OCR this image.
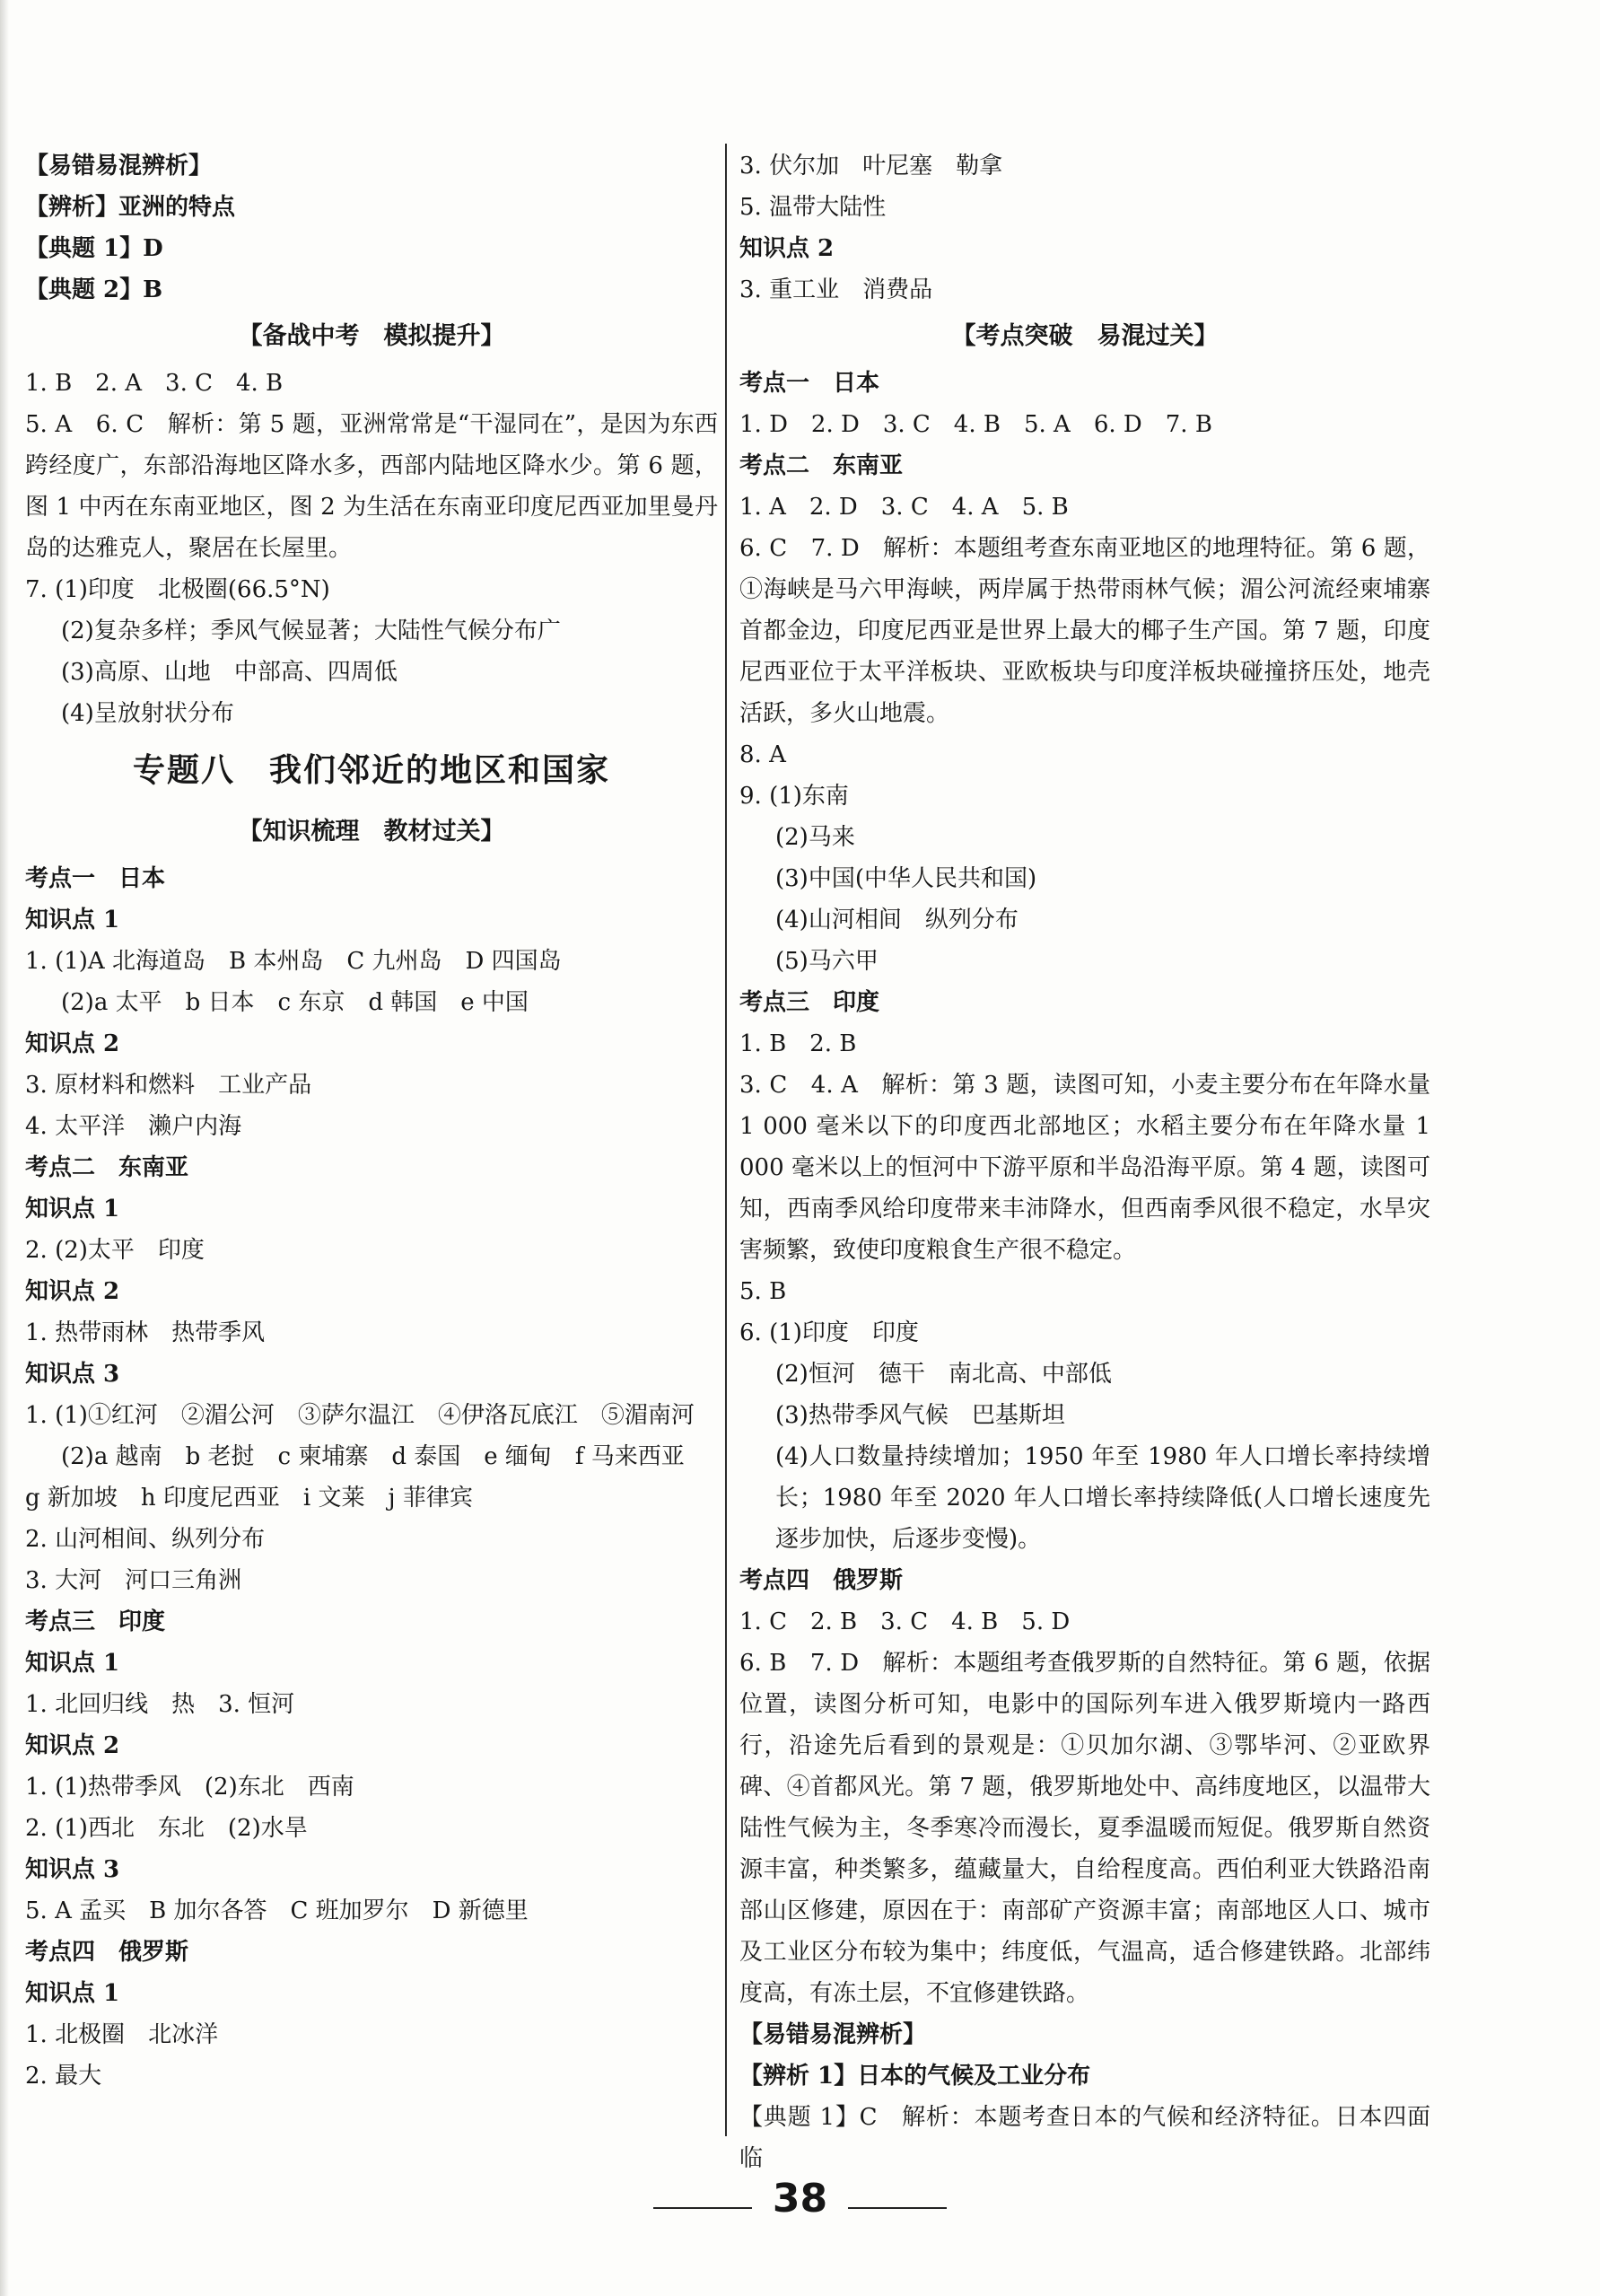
【易错易混辨析】
【辨析】亚洲的特点
【典题 1】D
【典题 2】B
【备战中考　模拟提升】
1. B　2. A　3. C　4. B
5. A　6. C　解析：第 5 题，亚洲常常是“干湿同在”，是因为东西跨经度广，东部沿海地区降水多，西部内陆地区降水少。第 6 题，图 1 中丙在东南亚地区，图 2 为生活在东南亚印度尼西亚加里曼丹岛的达雅克人，聚居在长屋里。
7. (1)印度　北极圈(66.5°N)
(2)复杂多样；季风气候显著；大陆性气候分布广
(3)高原、山地　中部高、四周低
(4)呈放射状分布
专题八　我们邻近的地区和国家
【知识梳理　教材过关】
考点一　日本
知识点 1
1. (1)A 北海道岛　B 本州岛　C 九州岛　D 四国岛
(2)a 太平　b 日本　c 东京　d 韩国　e 中国
知识点 2
3. 原材料和燃料　工业产品
4. 太平洋　濑户内海
考点二　东南亚
知识点 1
2. (2)太平　印度
知识点 2
1. 热带雨林　热带季风
知识点 3
1. (1)①红河　②湄公河　③萨尔温江　④伊洛瓦底江　⑤湄南河
(2)a 越南　b 老挝　c 柬埔寨　d 泰国　e 缅甸　f 马来西亚
g 新加坡　h 印度尼西亚　i 文莱　j 菲律宾
2. 山河相间、纵列分布
3. 大河　河口三角洲
考点三　印度
知识点 1
1. 北回归线　热　3. 恒河
知识点 2
1. (1)热带季风　(2)东北　西南
2. (1)西北　东北　(2)水旱
知识点 3
5. A 孟买　B 加尔各答　C 班加罗尔　D 新德里
考点四　俄罗斯
知识点 1
1. 北极圈　北冰洋
2. 最大
3. 伏尔加　叶尼塞　勒拿
5. 温带大陆性
知识点 2
3. 重工业　消费品
【考点突破　易混过关】
考点一　日本
1. D　2. D　3. C　4. B　5. A　6. D　7. B
考点二　东南亚
1. A　2. D　3. C　4. A　5. B
6. C　7. D　解析：本题组考查东南亚地区的地理特征。第 6 题，①海峡是马六甲海峡，两岸属于热带雨林气候；湄公河流经柬埔寨首都金边，印度尼西亚是世界上最大的椰子生产国。第 7 题，印度尼西亚位于太平洋板块、亚欧板块与印度洋板块碰撞挤压处，地壳活跃，多火山地震。
8. A
9. (1)东南
(2)马来
(3)中国(中华人民共和国)
(4)山河相间　纵列分布
(5)马六甲
考点三　印度
1. B　2. B
3. C　4. A　解析：第 3 题，读图可知，小麦主要分布在年降水量 1 000 毫米以下的印度西北部地区；水稻主要分布在年降水量 1 000 毫米以上的恒河中下游平原和半岛沿海平原。第 4 题，读图可知，西南季风给印度带来丰沛降水，但西南季风很不稳定，水旱灾害频繁，致使印度粮食生产很不稳定。
5. B
6. (1)印度　印度
(2)恒河　德干　南北高、中部低
(3)热带季风气候　巴基斯坦
(4)人口数量持续增加；1950 年至 1980 年人口增长率持续增长；1980 年至 2020 年人口增长率持续降低(人口增长速度先逐步加快，后逐步变慢)。
考点四　俄罗斯
1. C　2. B　3. C　4. B　5. D
6. B　7. D　解析：本题组考查俄罗斯的自然特征。第 6 题，依据位置，读图分析可知，电影中的国际列车进入俄罗斯境内一路西行，沿途先后看到的景观是：①贝加尔湖、③鄂毕河、②亚欧界碑、④首都风光。第 7 题，俄罗斯地处中、高纬度地区，以温带大陆性气候为主，冬季寒冷而漫长，夏季温暖而短促。俄罗斯自然资源丰富，种类繁多，蕴藏量大，自给程度高。西伯利亚大铁路沿南部山区修建，原因在于：南部矿产资源丰富；南部地区人口、城市及工业区分布较为集中；纬度低，气温高，适合修建铁路。北部纬度高，有冻土层，不宜修建铁路。
【易错易混辨析】
【辨析 1】日本的气候及工业分布
【典题 1】C　解析：本题考查日本的气候和经济特征。日本四面临
38
